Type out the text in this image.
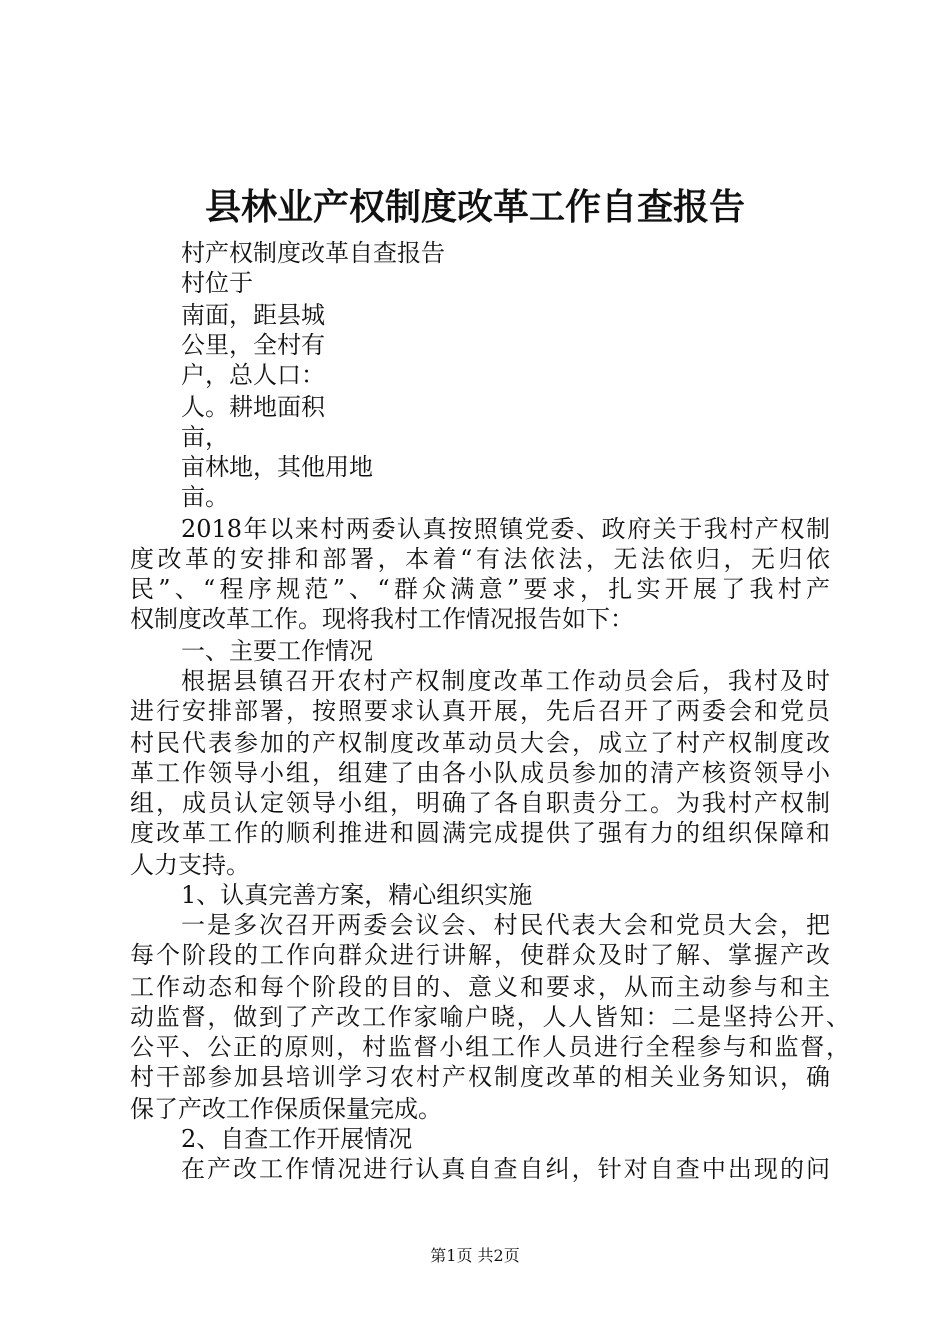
县林业产权制度改革工作自查报告

村产权制度改革自查报告

村位于

南面，距县城

公里，全村有

户，总人口：

人。耕地面积

亩，

亩林地，其他用地

亩。

2018年以来村两委认真按照镇党委、政府关于我村产权制

度改革的安排和部署，本着“有法依法，无法依归，无归依

民”、“程序规范”、“群众满意”要求，扎实开展了我村产

权制度改革工作。现将我村工作情况报告如下：

一、主要工作情况

根据县镇召开农村产权制度改革工作动员会后，我村及时

进行安排部署，按照要求认真开展，先后召开了两委会和党员

村民代表参加的产权制度改革动员大会，成立了村产权制度改

革工作领导小组，组建了由各小队成员参加的清产核资领导小

组，成员认定领导小组，明确了各自职责分工。为我村产权制

度改革工作的顺利推进和圆满完成提供了强有力的组织保障和

人力支持。

1、认真完善方案，精心组织实施

一是多次召开两委会议会、村民代表大会和党员大会，把

每个阶段的工作向群众进行讲解，使群众及时了解、掌握产改

工作动态和每个阶段的目的、意义和要求，从而主动参与和主

动监督，做到了产改工作家喻户晓，人人皆知：二是坚持公开、

公平、公正的原则，村监督小组工作人员进行全程参与和监督，

村干部参加县培训学习农村产权制度改革的相关业务知识，确

保了产改工作保质保量完成。

2、自查工作开展情况

在产改工作情况进行认真自查自纠，针对自查中出现的问

第1页 共2页
